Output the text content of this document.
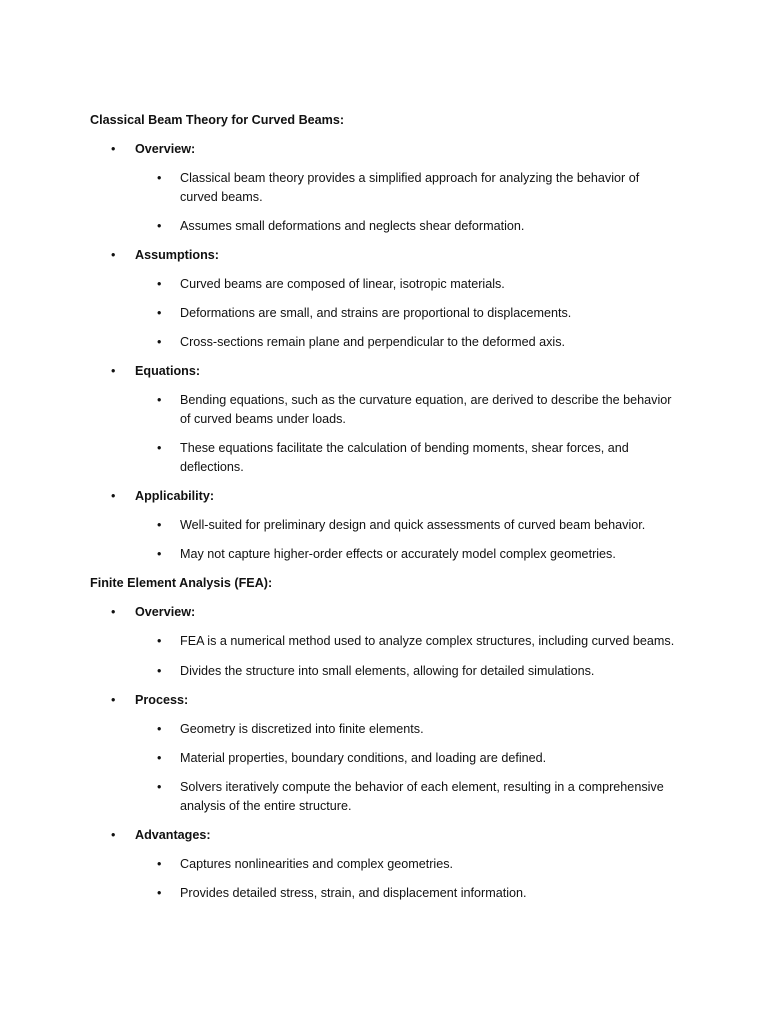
Classical Beam Theory for Curved Beams:
• Overview:
• Classical beam theory provides a simplified approach for analyzing the behavior of curved beams.
• Assumes small deformations and neglects shear deformation.
• Assumptions:
• Curved beams are composed of linear, isotropic materials.
• Deformations are small, and strains are proportional to displacements.
• Cross-sections remain plane and perpendicular to the deformed axis.
• Equations:
• Bending equations, such as the curvature equation, are derived to describe the behavior of curved beams under loads.
• These equations facilitate the calculation of bending moments, shear forces, and deflections.
• Applicability:
• Well-suited for preliminary design and quick assessments of curved beam behavior.
• May not capture higher-order effects or accurately model complex geometries.
Finite Element Analysis (FEA):
• Overview:
• FEA is a numerical method used to analyze complex structures, including curved beams.
• Divides the structure into small elements, allowing for detailed simulations.
• Process:
• Geometry is discretized into finite elements.
• Material properties, boundary conditions, and loading are defined.
• Solvers iteratively compute the behavior of each element, resulting in a comprehensive analysis of the entire structure.
• Advantages:
• Captures nonlinearities and complex geometries.
• Provides detailed stress, strain, and displacement information.
